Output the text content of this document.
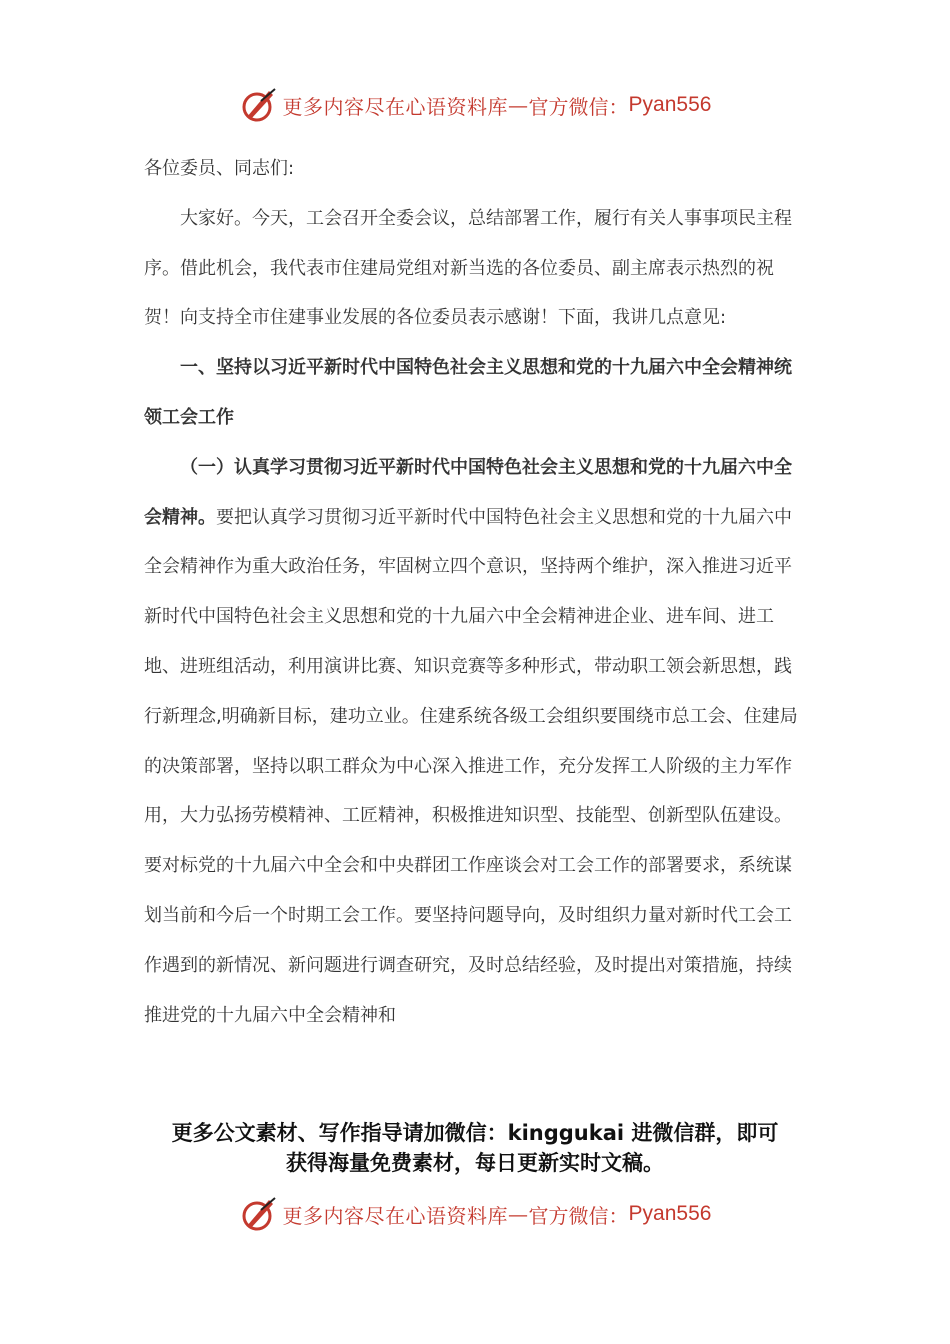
更多内容尽在心语资料库 — 官方微信： Pyan556

各位委员、同志们:

大家好。今天，工会召开全委会议，总结部署工作，履行有关人事事项民主程序。借此机会，我代表市住建局党组对新当选的各位委员、副主席表示热烈的祝贺！向支持全市住建事业发展的各位委员表示感谢！下面，我讲几点意见:

一、坚持以习近平新时代中国特色社会主义思想和党的十九届六中全会精神统领工会工作

（一）认真学习贯彻习近平新时代中国特色社会主义思想和党的十九届六中全会精神。要把认真学习贯彻习近平新时代中国特色社会主义思想和党的十九届六中全会精神作为重大政治任务，牢固树立四个意识，坚持两个维护，深入推进习近平新时代中国特色社会主义思想和党的十九届六中全会精神进企业、进车间、进工地、进班组活动，利用演讲比赛、知识竞赛等多种形式，带动职工领会新思想，践行新理念,明确新目标，建功立业。住建系统各级工会组织要围绕市总工会、住建局的决策部署，坚持以职工群众为中心深入推进工作，充分发挥工人阶级的主力军作用，大力弘扬劳模精神、工匠精神，积极推进知识型、技能型、创新型队伍建设。要对标党的十九届六中全会和中央群团工作座谈会对工会工作的部署要求，系统谋划当前和今后一个时期工会工作。要坚持问题导向，及时组织力量对新时代工会工作遇到的新情况、新问题进行调查研究，及时总结经验，及时提出对策措施，持续推进党的十九届六中全会精神和

更多公文素材、写作指导请加微信：kinggukai 进微信群，即可
获得海量免费素材，每日更新实时文稿。
更多内容尽在心语资料库 — 官方微信： Pyan556
